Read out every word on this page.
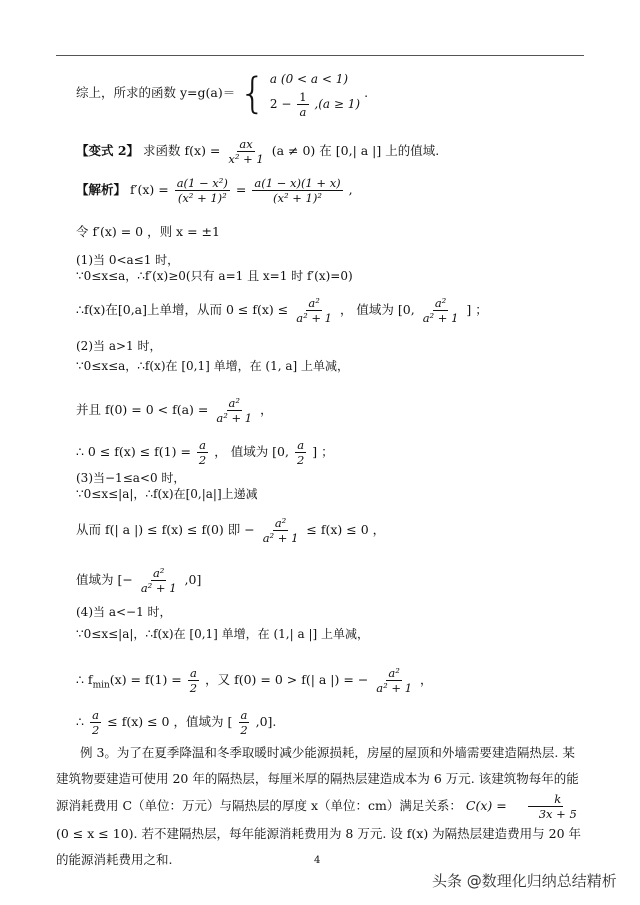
综上，所求的函数 y=g(a)＝ { a (0 < a < 1)
$2 - \frac{1}{a} ,(a \ge 1)$
.
【变式 2】 求函数 $f(x) = \frac{ax}{\text{x² + 1}} (a \ne 0)$ 在 [0,| a |] 上的值域.
【解析】 $f'(x) = \frac{\text{a(1 − x²)}}{\text{(x² + 1)²}} = \frac{a(1 - x)(1 + x)}{\text{(x² + 1)²}}$ ,
令 f′(x) = 0 ，则 x = ±1
(1)当 0<a≤1 时，
∵0≤x≤a，∴f′(x)≥0(只有 a=1 且 x=1 时 f′(x)=0)
∴f(x)在[0,a]上单增，从而 $0 \le f(x) \le \frac{\text{a²}}{\text{a² + 1}}$ ， 值域为 [0, $\frac{\text{a²}}{\text{a² + 1}}$ ] ；
(2)当 a>1 时，
∵0≤x≤a，∴f(x)在 [0,1] 单增，在 (1, a] 上单减，
并且 $f(0) = 0 < f(a) = \frac{\text{a²}}{\text{a² + 1}}$ ，
∴ $0 \le f(x) \le f(1) = \frac{a}{2}$ ， 值域为 [0, $\frac{a}{2}$ ] ；
(3)当−1≤a<0 时，
∵0≤x≤|a|，∴f(x)在[0,|a|]上递减
从而 f(| a |) ≤ f(x) ≤ f(0) 即 − $\frac{\text{a²}}{\text{a² + 1}} \le f(x) \le 0$ ，
值域为 [− $\frac{\text{a²}}{\text{a² + 1}} ,0$]
(4)当 a<−1 时，
∵0≤x≤|a|，∴f(x)在 [0,1] 单增，在 (1,| a |] 上单减，
∴ $f_{min}(x) = f(1) = \frac{a}{2}$ ，又 f(0) = 0 > f(| a |) = − $\frac{\text{a²}}{\text{a² + 1}}$ ，
∴ $\frac{a}{2} \le f(x) \le 0$ ，值域为 [ $\frac{a}{2} ,0$].
例 3。为了在夏季降温和冬季取暖时减少能源损耗，房屋的屋顶和外墙需要建造隔热层. 某建筑物要建造可使用 20 年的隔热层，每厘米厚的隔热层建造成本为 6 万元. 该建筑物每年的能源消耗费用 C（单位：万元）与隔热层的厚度 x（单位：cm）满足关系： $C(x) = \frac{k}{3x + 5}$
(0 ≤ x ≤ 10). 若不建隔热层，每年能源消耗费用为 8 万元. 设 f(x) 为隔热层建造费用与 20 年的能源消耗费用之和.	4
头条 @数理化归纳总结精析
